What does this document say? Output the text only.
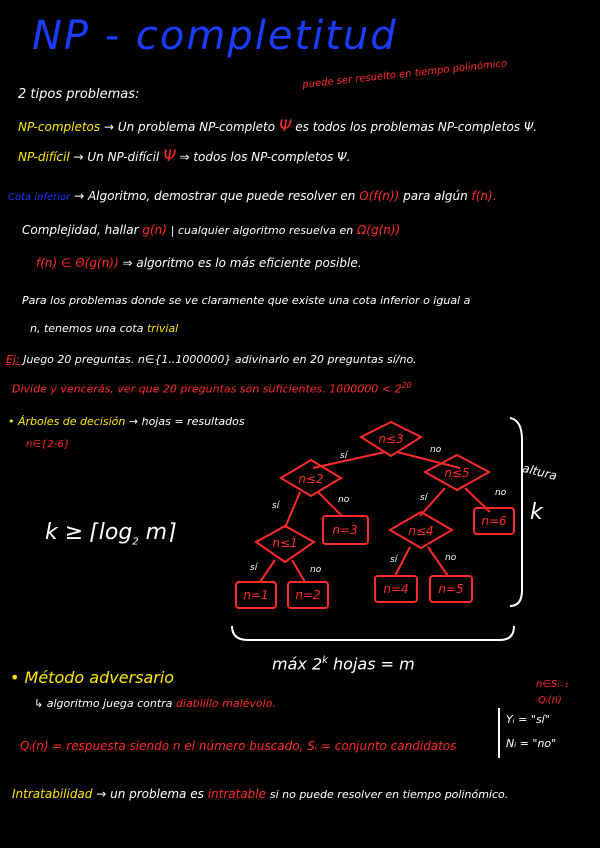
NP - completitud
2 tipos problemas:
puede ser resuelto en tiempo polinómico
NP-completos → Un problema NP-completo Ψ es todos los problemas NP-completos Ψ.
NP-difícil → Un NP-difícil Ψ ⇒ todos los NP-completos Ψ.
Cota inferior → Algoritmo, demostrar que puede resolver en O(f(n)) para algún f(n).
Complejidad, hallar g(n) | cualquier algoritmo resuelva en Ω(g(n))
f(n) ∈ Θ(g(n)) ⇒ algoritmo es lo más eficiente posible.
Para los problemas donde se ve claramente que existe una cota inferior o igual a
n, tenemos una cota trivial
Ej: Juego 20 preguntas. n∈{1..1000000} adivinarlo en 20 preguntas sí/no.
Divide y vencerás, ver que 20 preguntas son suficientes. $1000000 < 2^{20}$
• Árboles de decisión → hojas = resultados
n∈{2-6}
$k \ge ⌈\log_2$ m⌉
n≤3
n≤2	n≤5
n≤1
n=3	n≤4
n=6
n=1 n=2	n=4 n=5
sí
no
sí
no	sí	no
sí	no
sí	no
altura
k
máx 2$^k$ hojas = m
• Método adversario
↳ algoritmo juega contra diablillo malévolo.
Qᵢ(n) = respuesta siendo n el número buscado, Sᵢ = conjunto candidatos
n∈Sᵢ₋₁
Qᵢ(n)
Yᵢ = "sí"
Nᵢ = "no"
Intratabilidad → un problema es intratable si no puede resolver en tiempo polinómico.
